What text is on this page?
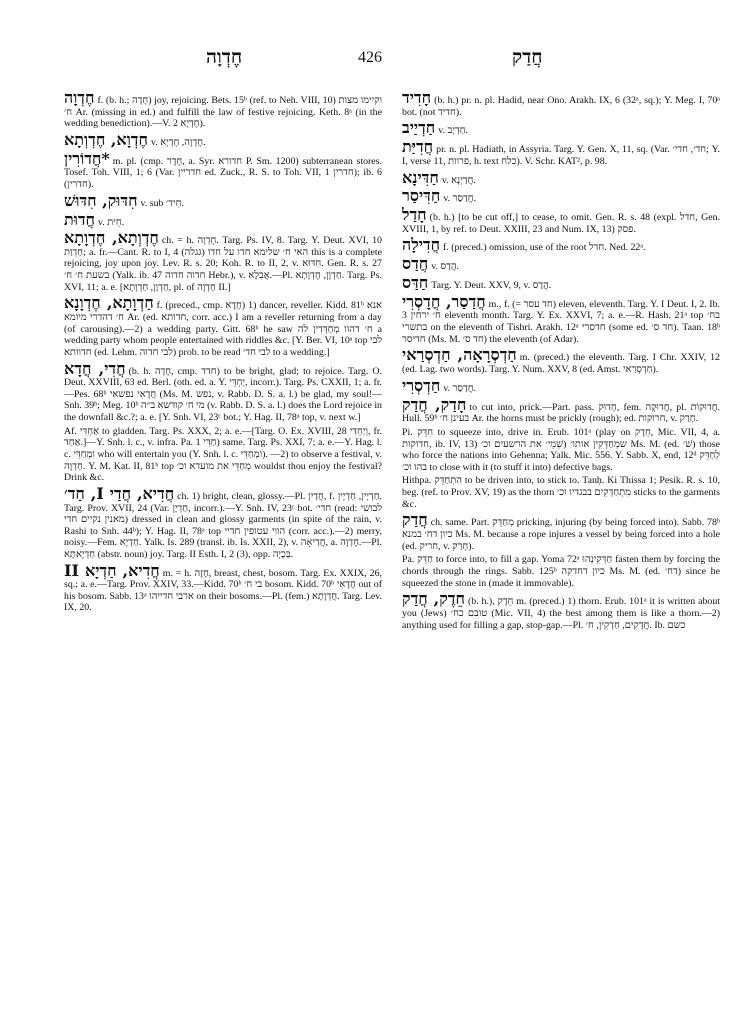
חֶדְוָה	426	חֲדַק

חֶדְוָה f. (b. h.; חָדָה) joy, rejoicing. Bets. 15ᵇ (ref. to Neh. VIII, 10) וקיימו מצות ח׳ Ar. (missing in ed.) and fulfill the law of festive rejoicing. Keth. 8ᵃ (in the wedding benediction).—V. חֶדְיָא 2).

חֶדְוָא, חֶדְוְתָא v. חֶדְוָה, חֶדְיָא.

*חֲדוֹרִין m. pl. (cmp. חֶדֶר, a. Syr. חדורא P. Sm. 1200) subterranean stores. Tosef. Toh. VIII, 1; 6 (Var. חדריין ed. Zuck., R. S. to Toh. VII, 1 חדרין); ib. 6 (חדרין).

חִדּוּק, חִדּוּשׁ v. sub חִיד׳.

חֲדוּת v. חֵית.

חֶדְוְתָא, חֶדְוָתָא ch. = h. חֶדְוָה. Targ. Ps. IV, 8. Targ. Y. Deut. XVI, 10 חַדְוַת; a. fr.—Cant. R. to I, 4 האי ח׳ שלימא חדו על חדו (גגלה) this is a complete rejoicing, joy upon joy. Lev. R. s. 20; Koh. R. to II, 2, v. חִדּוּא. Gen. R. s. 27 בשעת ח׳ ח׳ (Yalk. ib. 47 חדוה חדוה Hebr.), v. אֲבִלָא.—Pl. חַדְוָן, חֶדְוָתָא. Targ. Ps. XVI, 11; a. e. [חַדְוָן, חַדְוָתָא, pl. of חַדְוָה II.]

חַדְוָתָא, חֶדְוָנָא f. (preced., cmp. חָדָא) 1) dancer, reveller. Kidd. 81ᵇ אנא ח׳ דהדרי מיומא Ar. (ed. חדותא, corr. acc.) I am a reveller returning from a day (of carousing).—2) a wedding party. Gitt. 68ᵇ he saw ח׳ דהוו מְחַדְּדִין לה a wedding party whom people entertained with riddles &c. [Y. Ber. VI, 10ᵃ top לבי חדוותא (ed. Lehm. לבי חדוה) prob. to be read לבי חד׳ to a wedding.]

חֲדִי, חֲדָא (b. h. חָדָה, cmp. חדד) to be bright, glad; to rejoice. Targ. O. Deut. XXVIII, 63 ed. Berl. (oth. ed. a. Y. יַחְדֵּי, incorr.). Targ. Ps. CXXII, 1; a. fr.—Pes. 68ᵇ חֲדָאִי נפשאי (Ms. M. נפש, v. Rabb. D. S. a. l.) be glad, my soul!—Snh. 39ᵇ; Meg. 10ᵇ מי ח׳ קודשא ב״ה (v. Rabb. D. S. a. l.) does the Lord rejoice in the downfall &c.?; a. e. [Y. Snh. VI, 23ᶜ bot.; Y. Hag. II, 78ᵃ top, v. next w.]

Af. אַחְדִּי to gladden. Targ. Ps. XXX, 2; a. e.—[Targ. O. Ex. XVIII, 28 וְיַחְדִּי, fr. אַחַד.]—Y. Snh. l. c., v. infra. Pa. חַדִּי 1) same. Targ. Ps. XXI, 7; a. e.—Y. Hag. l. c. ומְחַדֵּי who will entertain you (Y. Snh. l. c. ומְחַדֵּי). —2) to observe a festival, v. חַדְוָה. Y. M. Kat. II, 81ᵇ top מְחַדֵּי את מועדא וכ׳ wouldst thou enjoy the festival? Drink &c.

חֲדִיא, חֲדַי I, חַד׳ ch. 1) bright, clean, glossy.—Pl. חֲדַיִן, f. חַדְיָין, חַדְיָין. Targ. Prov. XVII, 24 (Var. חַדְיָן, incorr.).—Y. Snh. IV, 23ᶜ bot. חדי׳ (read: לבושי מאנין נקיים חדי) dressed in clean and glossy garments (in spite of the rain, v. Rashi to Snh. 44ᵇ); Y. Hag. II, 78ᵃ top הווי עטופין חדיי (corr. acc.).—2) merry, noisy.—Fem. חַדְיָא. Yalk. Is. 289 (transl. ib. Is. XXII, 2), v. חֲדִיאָה, a. חֶדְוָה.—Pl. חַדְיָאתָא (abstr. noun) joy. Targ. II Esth. I, 2 (3), opp. בְּכָיָה.

חֲדִיא, חַדְיָא II m. = h. חָזֶה, breast, chest, bosom. Targ. Ex. XXIX, 26, sq.; a. e.—Targ. Prov. XXIV, 33.—Kidd. 70ᵇ בי ח׳ bosom. Kidd. 70ᵇ חֲדָאִי out of his bosom. Sabb. 13ᵃ ארבי חדייהו on their bosoms.—Pl. (fem.) חֲדְוָתָא. Targ. Lev. IX, 20.

חָדִיד (b. h.) pr. n. pl. Hadid, near Ono. Arakh. IX, 6 (32ᵃ, sq.); Y. Meg. I, 70ᵃ bot. (not חדיד).

חַדְיַיב v. חַדְיָב.

חֲדִיַּת pr. n. pl. Hadiath, in Assyria. Targ. Y. Gen. X, 11, sq. (Var. חד׳, חדי׳; Y. I, verse 11, פרוות, h. text כלח). V. Schr. KAT², p. 98.

חַדִּינָא v. חֲדַיְנָא.

חַדִּיסַר v. חֲדַסַר.

חָדַל (b. h.) [to be cut off,] to cease, to omit. Gen. R. s. 48 (expl. חדל, Gen. XVIII, 1, by ref. to Deut. XXIII, 23 and Num. IX, 13) פסק.

חֲדִילָה f. (preced.) omission, use of the root חדל. Ned. 22ᵃ.

חֲדַס v. הֲדַס.

חַדַּס Targ. Y. Deut. XXV, 9, v. הֲדַס.

חֲדַסַר, חֲדָסְרִי m., f. (= חד עסר) eleven, eleventh. Targ. Y. I Deut. I, 2. Ib. 3 ח׳ ירחין eleventh month. Targ. Y. Ex. XXVI, 7; a. e.—R. Hash. 21ᵃ top בח׳ בתשרי on the eleventh of Tishri. Arakh. 12ᵃ חדסרי (some ed. חד ס׳). Taan. 18ᵇ חדיסר (Ms. M. חד ס׳) the eleventh (of Adar).

חַדְסְרָאָה, חַדְסְרַאי m. (preced.) the eleventh. Targ. I Chr. XXIV, 12 (ed. Lag. two words). Targ. Y. Num. XXV, 8 (ed. Amst. חַדְסְרַאי).

חַדְסְרִי v. חֲדַסַר.

חָדַק, חֲדַק to cut into, prick.—Part. pass. חָדוּק, fem. חֲדוּקָה, pl. חֲדוּקוֹת. Hull. 59ᵇ בעינן ח׳ Ar. the horns must be prickly (rough); ed. חרוקות, v. חָרַק.

Pi. חִדֵּק to squeeze into, drive in. Erub. 101ᵃ (play on חֵדֶק, Mic. VII, 4, a. חדוקות, ib. IV, 13) שמְחַדְּקִין אותו׳ (שְׁמֵי׳ את הרשעים וכ׳ Ms. M. (ed. שׁ׳) those who force the nations into Gehenna; Yalk. Mic. 556. Y. Sabb. X, end, 12ᵈ לְחַדֵּק בהו וכ׳ to close with it (to stuff it into) defective bags.

Hithpa. הִתְחַדֵּק to be driven into, to stick to. Tanḥ. Ki Thissa 1; Pesik. R. s. 10, beg. (ref. to Prov. XV, 19) as the thorn מִתְחַדְּקִים בבגדיו וכ׳ sticks to the garments &c.

חֲדַק ch. same. Part. מְחַדֵּק pricking, injuring (by being forced into). Sabb. 78ᵇ כיון דח׳ במנא Ms. M. because a rope injures a vessel by being forced into a hole (ed. חריק, v. חָרַק).

Pa. חַדֵּק to force into, to fill a gap. Yoma 72ᵃ חַדְּקִינְהוּ fasten them by forcing the chords through the rings. Sabb. 125ᵇ כיון דחדקה Ms. M. (ed. דח׳) since he squeezed the stone in (made it immovable).

חֵדֶק, חֲדַק (b. h.), חֵדֶק m. (preced.) 1) thorn. Erub. 101ᵃ it is written about you (Jews) טובם כח׳ (Mic. VII, 4) the best among them is like a thorn.—2) anything used for filling a gap, stop-gap.—Pl. חֲדָקִים, חַדְקִין, ח׳. Ib. כשם
